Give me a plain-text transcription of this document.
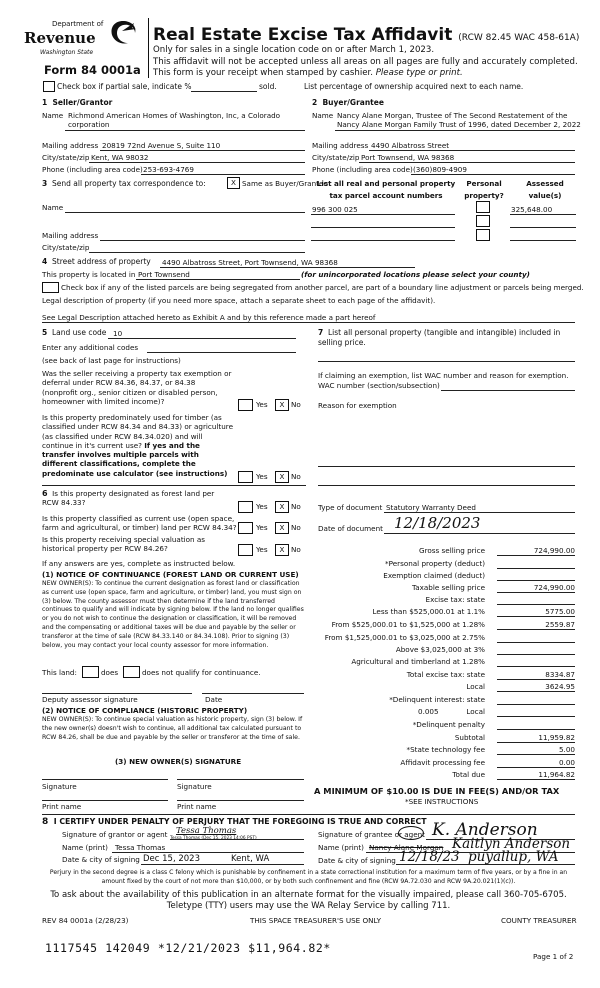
Department of
Revenue
Washington State
Form 84 0001a
Real Estate Excise Tax Affidavit (RCW 82.45 WAC 458-61A)
Only for sales in a single location code on or after March 1, 2023.
This affidavit will not be accepted unless all areas on all pages are fully and accurately completed.
This form is your receipt when stamped by cashier. Please type or print.
Check box if partial sale, indicate %	sold.	List percentage of ownership acquired next to each name.
1 Seller/Grantor
Name Richmond American Homes of Washington, Inc, a Colorado
corporation
Mailing address 20819 72nd Avenue S, Suite 110
City/state/zip Kent, WA 98032
Phone (including area code) 253-693-4769
2 Buyer/Grantee
Name Nancy Alane Morgan, Trustee of The Second Restatement of the
Nancy Alane Morgan Family Trust of 1996, dated December 2, 2022
Mailing address 4490 Albatross Street
City/state/zip Port Townsend, WA 98368
Phone (including area code) (360)809-4909
3 Send all property tax correspondence to:	X Same as Buyer/Grantee
Name
Mailing address
City/state/zip
List all real and personal property
tax parcel account numbers
Personal
property?
Assessed
value(s)
996 300 025	325,648.00
4 Street address of property 4490 Albatross Street, Port Townsend, WA 98368
This property is located in Port Townsend	(for unincorporated locations please select your county)
Check box if any of the listed parcels are being segregated from another parcel, are part of a boundary line adjustment or parcels being merged.
Legal description of property (if you need more space, attach a separate sheet to each page of the affidavit).
See Legal Description attached hereto as Exhibit A and by this reference made a part hereof
5 Land use code 10
Enter any additional codes
(see back of last page for instructions)
Was the seller receiving a property tax exemption or deferral under RCW 84.36, 84.37, or 84.38 (nonprofit org., senior citizen or disabled person, homeowner with limited income)?	Yes	X No
Is this property predominately used for timber (as classified under RCW 84.34 and 84.33) or agriculture (as classified under RCW 84.34.020) and will continue in it's current use? If yes and the transfer involves multiple parcels with different classifications, complete the predominate use calculator (see instructions)	Yes	X No
7 List all personal property (tangible and intangible) included in selling price.
If claiming an exemption, list WAC number and reason for exemption.
WAC number (section/subsection)
Reason for exemption
6 Is this property designated as forest land per RCW 84.33?	Yes	X No
Is this property classified as current use (open space, farm and agricultural, or timber) land per RCW 84.34?	Yes	X No
Is this property receiving special valuation as historical property per RCW 84.26?	Yes	X No
If any answers are yes, complete as instructed below.
(1) NOTICE OF CONTINUANCE (FOREST LAND OR CURRENT USE)
NEW OWNER(S): To continue the current designation as forest land or classification as current use (open space, farm and agriculture, or timber) land, you must sign on (3) below. The county assessor must then determine if the land transferred continues to qualify and will indicate by signing below. If the land no longer qualifies or you do not wish to continue the designation or classification, it will be removed and the compensating or additional taxes will be due and payable by the seller or transferor at the time of sale (RCW 84.33.140 or 84.34.108). Prior to signing (3) below, you may contact your local county assessor for more information.
This land:	does	does not qualify for continuance.
Deputy assessor signature	Date
(2) NOTICE OF COMPLIANCE (HISTORIC PROPERTY)
NEW OWNER(S): To continue special valuation as historic property, sign (3) below. If the new owner(s) doesn't wish to continue, all additional tax calculated pursuant to RCW 84.26, shall be due and payable by the seller or transferor at the time of sale.
(3) NEW OWNER(S) SIGNATURE
Signature	Signature
Print name	Print name
Type of document Statutory Warranty Deed
Date of document 12/18/2023
Gross selling price	724,990.00
*Personal property (deduct)
Exemption claimed (deduct)
Taxable selling price	724,990.00
Excise tax: state
Less than $525,000.01 at 1.1%	5775.00
From $525,000.01 to $1,525,000 at 1.28%	2559.87
From $1,525,000.01 to $3,025,000 at 2.75%
Above $3,025,000 at 3%
Agricultural and timberland at 1.28%
Total excise tax: state	8334.87
Local	3624.95
*Delinquent interest: state
Local
*Delinquent penalty
Subtotal	11,959.82
*State technology fee	5.00
Affidavit processing fee	0.00
Total due	11,964.82
0.005
A MINIMUM OF $10.00 IS DUE IN FEE(S) AND/OR TAX
*SEE INSTRUCTIONS
8 I CERTIFY UNDER PENALTY OF PERJURY THAT THE FOREGOING IS TRUE AND CORRECT
Signature of grantor or agent Tessa Thomas
Tessa Thomas (Dec 15, 2023 14:06 PST)
Name (print) Tessa Thomas
Date & city of signing Dec 15, 2023	Kent, WA
Signature of grantee or agent K. Anderson
Name (print) Nancy Alane Morgan Kaitlyn Anderson
Date & city of signing 12/18/23 puyallup, WA
Perjury in the second degree is a class C felony which is punishable by confinement in a state correctional institution for a maximum term of five years, or by a fine in an amount fixed by the court of not more than $10,000, or by both such confinement and fine (RCW 9A.72.030 and RCW 9A.20.021(1)(c)).
To ask about the availability of this publication in an alternate format for the visually impaired, please call 360-705-6705. Teletype (TTY) users may use the WA Relay Service by calling 711.
REV 84 0001a (2/28/23)	THIS SPACE TREASURER'S USE ONLY	COUNTY TREASURER
1117545 142049 *12/21/2023 $11,964.82*
Page 1 of 2
